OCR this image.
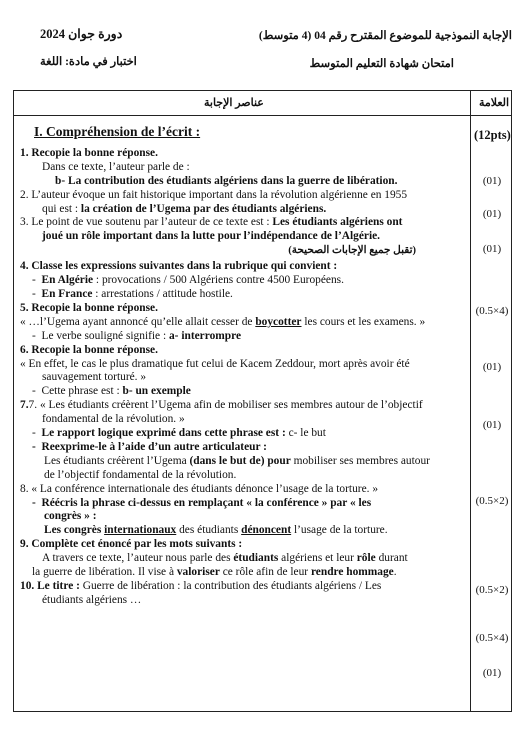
الإجابة النموذجية للموضوع المقترح رقم 04 (4 متوسط)
دورة جوان 2024
امتحان شهادة التعليم المتوسط
اختبار في مادة: اللغة
عناصر الإجابة	العلامة
(12pts)
(01)
(01)
(01)
(0.5×4)
(01)
(01)
(0.5×2)
(0.5×2)
(0.5×4)
(01)

I. Compréhension de l’écrit :

1. Recopie la bonne réponse.

Dans ce texte, l’auteur parle de :

b- La contribution des étudiants algériens dans la guerre de libération.

2. L’auteur évoque un fait historique important dans la révolution algérienne en 1955

qui est : la création de l’Ugema par des étudiants algériens.

3. Le point de vue soutenu par l’auteur de ce texte est : Les étudiants algériens ont

joué un rôle important dans la lutte pour l’indépendance de l’Algérie.

(تقبل جميع الإجابات الصحيحة)

4. Classe les expressions suivantes dans la rubrique qui convient :

-  En Algérie : provocations / 500 Algériens contre 4500 Européens.

-  En France : arrestations / attitude hostile.

5. Recopie la bonne réponse.

« …l’Ugema ayant annoncé qu’elle allait cesser de boycotter les cours et les examens. »

-  Le verbe souligné signifie : a- interrompre

6. Recopie la bonne réponse.

« En effet, le cas le plus dramatique fut celui de Kacem Zeddour, mort après avoir été

sauvagement torturé. »

-  Cette phrase est : b- un exemple

7.7. « Les étudiants créèrent l’Ugema afin de mobiliser ses membres autour de l’objectif

fondamental de la révolution. »

-  Le rapport logique exprimé dans cette phrase est : c- le but

-  Reexprime-le à l’aide d’un autre articulateur :

Les étudiants créèrent l’Ugema (dans le but de) pour mobiliser ses membres autour

de l’objectif fondamental de la révolution.

8. « La conférence internationale des étudiants dénonce l’usage de la torture. »

-  Réécris la phrase ci-dessus en remplaçant « la conférence » par « les

congrès » :

Les congrès internationaux des étudiants dénoncent l’usage de la torture.

9. Complète cet énoncé par les mots suivants :

A travers ce texte, l’auteur nous parle des étudiants algériens et leur rôle durant

la guerre de libération. Il vise à valoriser ce rôle afin de leur rendre hommage.

10. Le titre : Guerre de libération : la contribution des étudiants algériens / Les

étudiants algériens …
